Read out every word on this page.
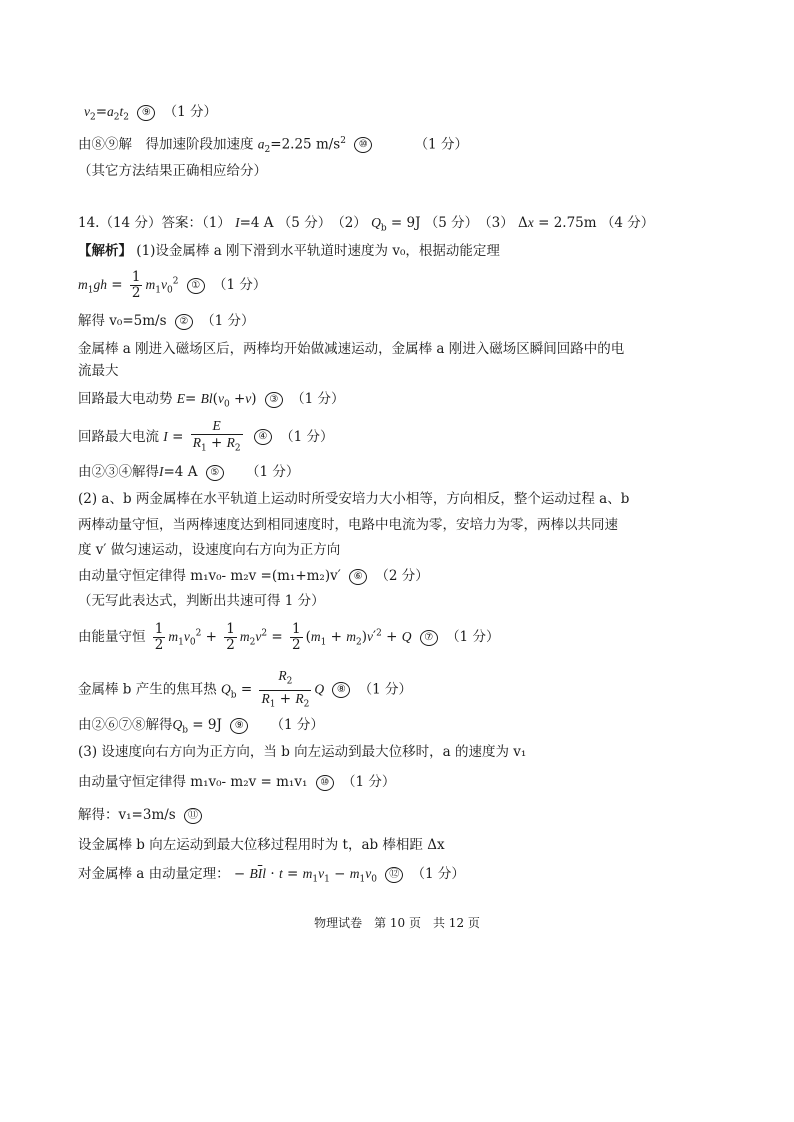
$v_2=a_2t_2$ ⑨ （1 分）
由⑧⑨解　得加速阶段加速度 $a_2=2.25$ $m/s^2$ ⑩	（1 分）
（其它方法结果正确相应给分）
14.（14 分）答案：（1） I=4 A （5 分）　（2） $Q_b = 9J$ （5 分）　（3） Δx = 2.75m （4 分）
【解析】 (1)设金属棒 a 刚下滑到水平轨道时速度为 v₀，根据动能定理
$m_1gh = \frac{1}{2} m_1v_0^2$ ① （1 分）
解得 v₀=5m/s ② （1 分）
金属棒 a 刚进入磁场区后，两棒均开始做减速运动，金属棒 a 刚进入磁场区瞬间回路中的电
流最大
回路最大电动势 $E= Bl(v_0 +v)$ ③ （1 分）
回路最大电流 $I = \frac{E}{R_1 + R_2}$ ④ （1 分）
由②③④解得I=4 A ⑤ （1 分）
(2) a、b 两金属棒在水平轨道上运动时所受安培力大小相等，方向相反，整个运动过程 a、b
两棒动量守恒，当两棒速度达到相同速度时，电路中电流为零，安培力为零，两棒以共同速
度 v′ 做匀速运动，设速度向右方向为正方向
由动量守恒定律得 m₁v₀- m₂v =(m₁+m₂)v′ ⑥ （2 分）
（无写此表达式，判断出共速可得 1 分）
由能量守恒 $\frac{1}{2} m_1v_0^2 + \frac{1}{2} m_2v^2 = \frac{1}{2} (m_1 + m_2)v'^2 + Q$ ⑦ （1 分）
金属棒 b 产生的焦耳热 $Q_b = \frac{R_2}{R_1 + R_2}$ Q ⑧ （1 分）
由②⑥⑦⑧解得$Q_b = 9J$ ⑨ （1 分）
(3) 设速度向右方向为正方向，当 b 向左运动到最大位移时，a 的速度为 v₁
由动量守恒定律得 m₁v₀- m₂v = m₁v₁ ⑩ （1 分）
解得：v₁=3m/s ⑪
设金属棒 b 向左运动到最大位移过程用时为 t，ab 棒相距 Δx
对金属棒 a 由动量定理： − $B\overline{I}l \cdot t = m_1v_1 - m_1v_0$ ⑫ （1 分）
物理试卷　第 10 页　共 12 页
